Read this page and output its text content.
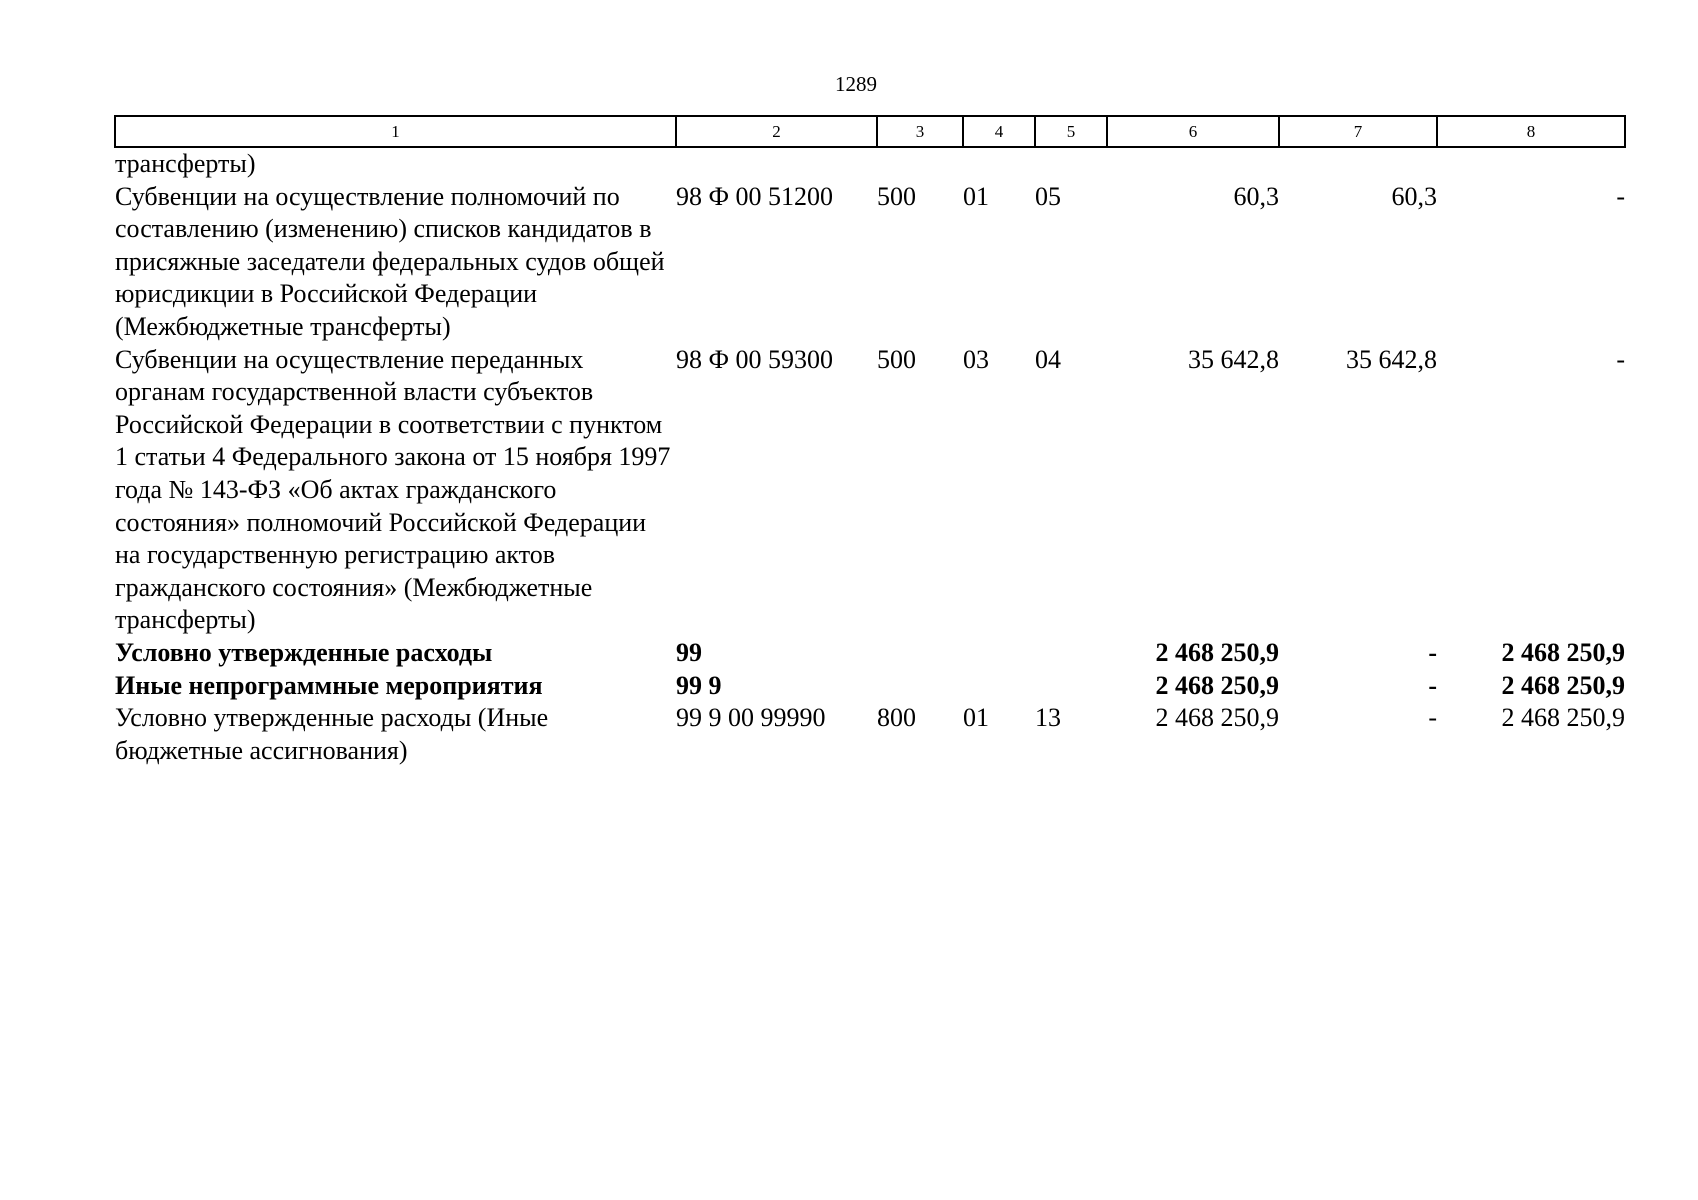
1289
1	2	3	4	5	6	7	8
трансферты)							
Субвенции на осуществление полномочий по составлению (изменению) списков кандидатов в присяжные заседатели федеральных судов общей юрисдикции в Российской Федерации (Межбюджетные трансферты)	98 Ф 00 51200	500	01	05	60,3	60,3	-
Субвенции на осуществление переданных органам государственной власти субъектов Российской Федерации в соответствии с пунктом 1 статьи 4 Федерального закона от 15 ноября 1997 года № 143-ФЗ «Об актах гражданского состояния» полномочий Российской Федерации на государственную регистрацию актов гражданского состояния» (Межбюджетные трансферты)	98 Ф 00 59300	500	03	04	35 642,8	35 642,8	-
Условно утвержденные расходы	99				2 468 250,9	-	2 468 250,9
Иные непрограммные мероприятия	99 9				2 468 250,9	-	2 468 250,9
Условно утвержденные расходы (Иные бюджетные ассигнования)	99 9 00 99990	800	01	13	2 468 250,9	-	2 468 250,9
